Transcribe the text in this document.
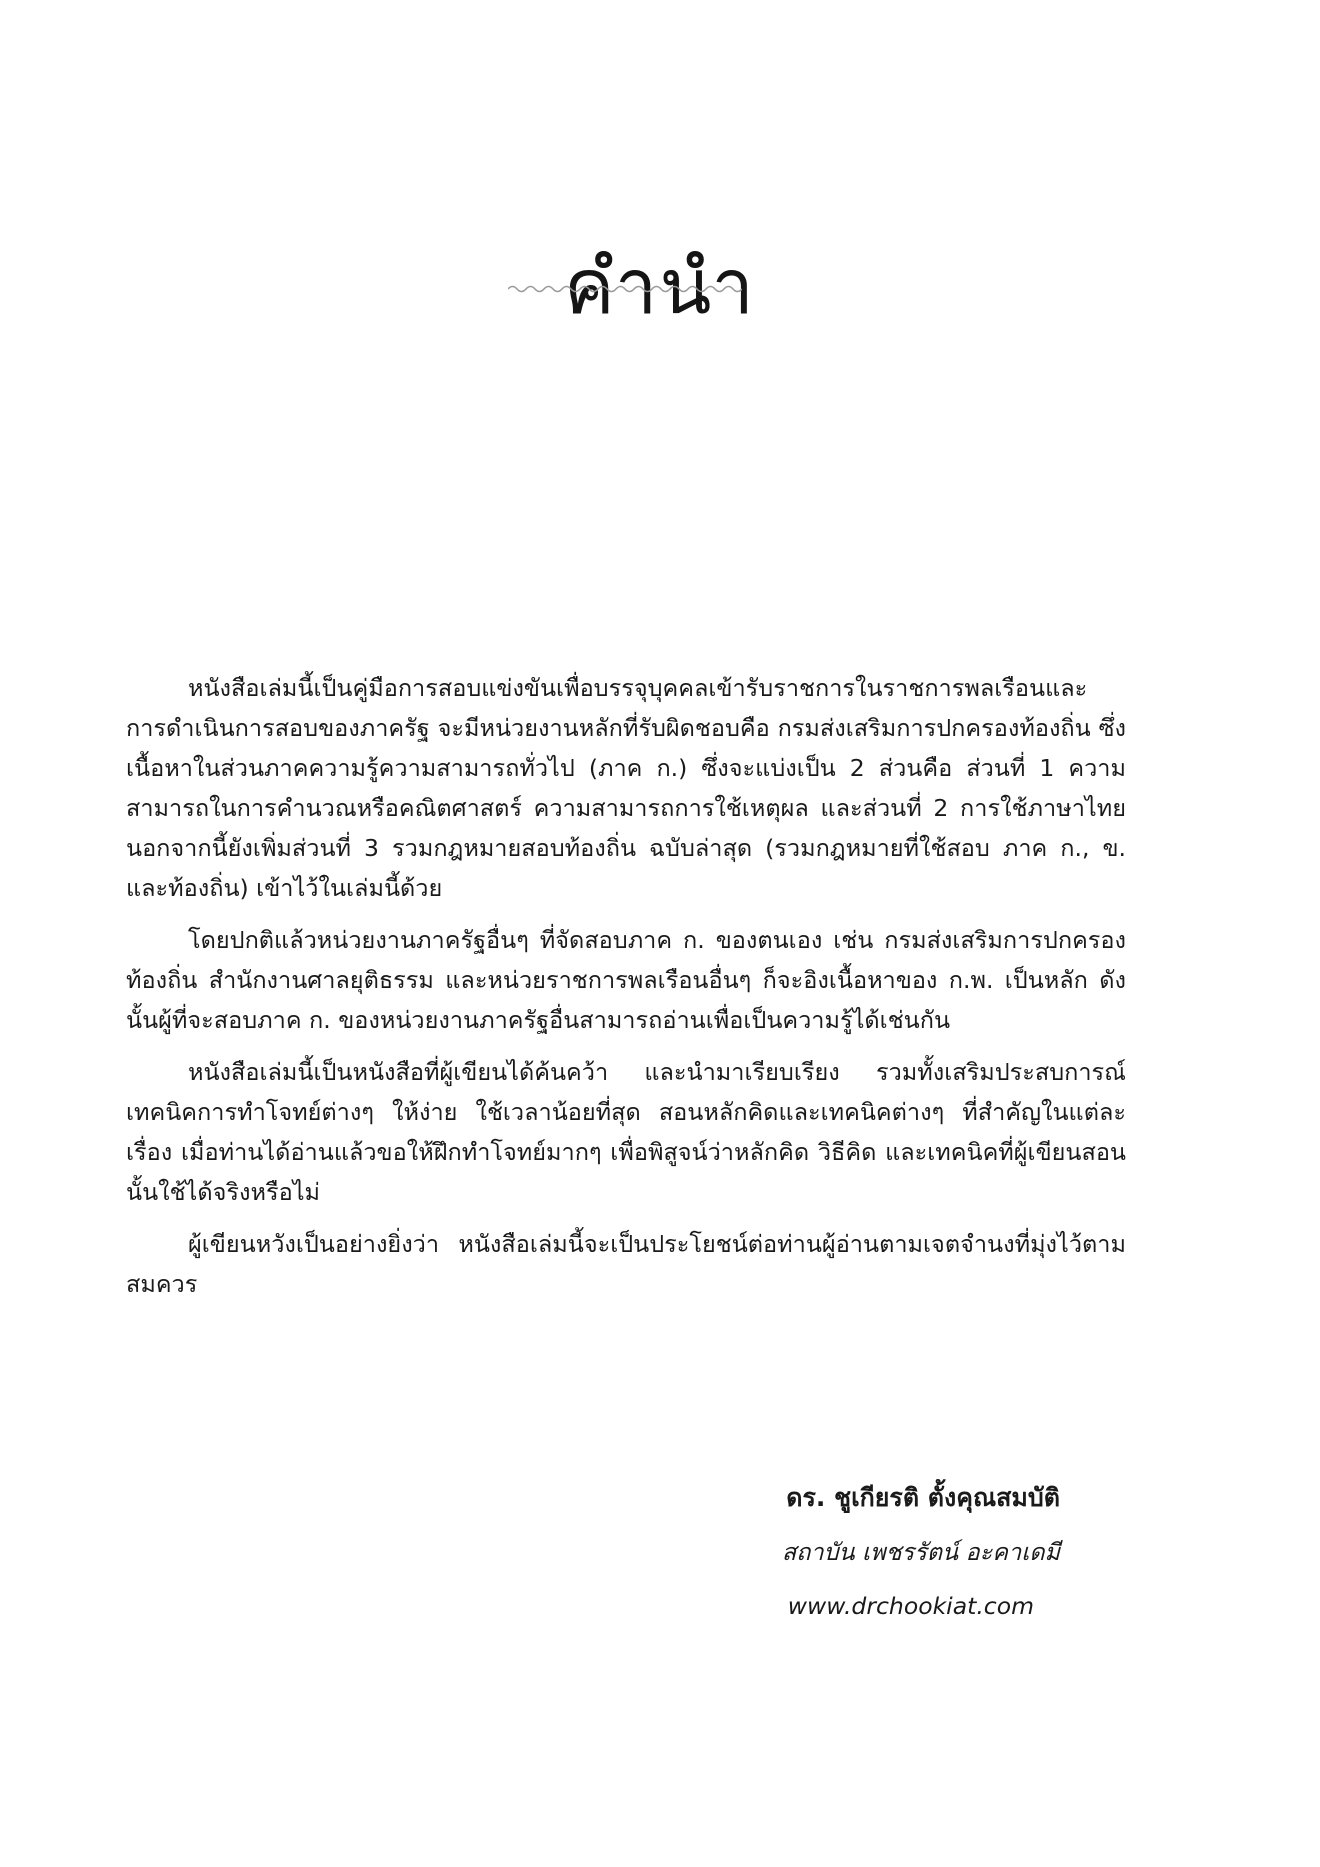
คำนำ

หนังสือเล่มนี้เป็นคู่มือการสอบแข่งขันเพื่อบรรจุบุคคลเข้ารับราชการในราชการพลเรือนและการดำเนินการสอบของภาครัฐ จะมีหน่วยงานหลักที่รับผิดชอบคือ กรมส่งเสริมการปกครองท้องถิ่น ซึ่งเนื้อหาในส่วนภาคความรู้ความสามารถทั่วไป (ภาค ก.) ซึ่งจะแบ่งเป็น 2 ส่วนคือ ส่วนที่ 1 ความสามารถในการคำนวณหรือคณิตศาสตร์ ความสามารถการใช้เหตุผล และส่วนที่ 2 การใช้ภาษาไทย นอกจากนี้ยังเพิ่มส่วนที่ 3 รวมกฎหมายสอบท้องถิ่น ฉบับล่าสุด (รวมกฎหมายที่ใช้สอบ ภาค ก., ข. และท้องถิ่น) เข้าไว้ในเล่มนี้ด้วย

โดยปกติแล้วหน่วยงานภาครัฐอื่นๆ ที่จัดสอบภาค ก. ของตนเอง เช่น กรมส่งเสริมการปกครองท้องถิ่น สำนักงานศาลยุติธรรม และหน่วยราชการพลเรือนอื่นๆ ก็จะอิงเนื้อหาของ ก.พ. เป็นหลัก ดังนั้นผู้ที่จะสอบภาค ก. ของหน่วยงานภาครัฐอื่นสามารถอ่านเพื่อเป็นความรู้ได้เช่นกัน

หนังสือเล่มนี้เป็นหนังสือที่ผู้เขียนได้ค้นคว้า และนำมาเรียบเรียง รวมทั้งเสริมประสบการณ์เทคนิคการทำโจทย์ต่างๆ ให้ง่าย ใช้เวลาน้อยที่สุด สอนหลักคิดและเทคนิคต่างๆ ที่สำคัญในแต่ละเรื่อง เมื่อท่านได้อ่านแล้วขอให้ฝึกทำโจทย์มากๆ เพื่อพิสูจน์ว่าหลักคิด วิธีคิด และเทคนิคที่ผู้เขียนสอนนั้นใช้ได้จริงหรือไม่

ผู้เขียนหวังเป็นอย่างยิ่งว่า หนังสือเล่มนี้จะเป็นประโยชน์ต่อท่านผู้อ่านตามเจตจำนงที่มุ่งไว้ตามสมควร

ดร. ชูเกียรติ ตั้งคุณสมบัติ

สถาบัน เพชรรัตน์ อะคาเดมี

www.drchookiat.com
